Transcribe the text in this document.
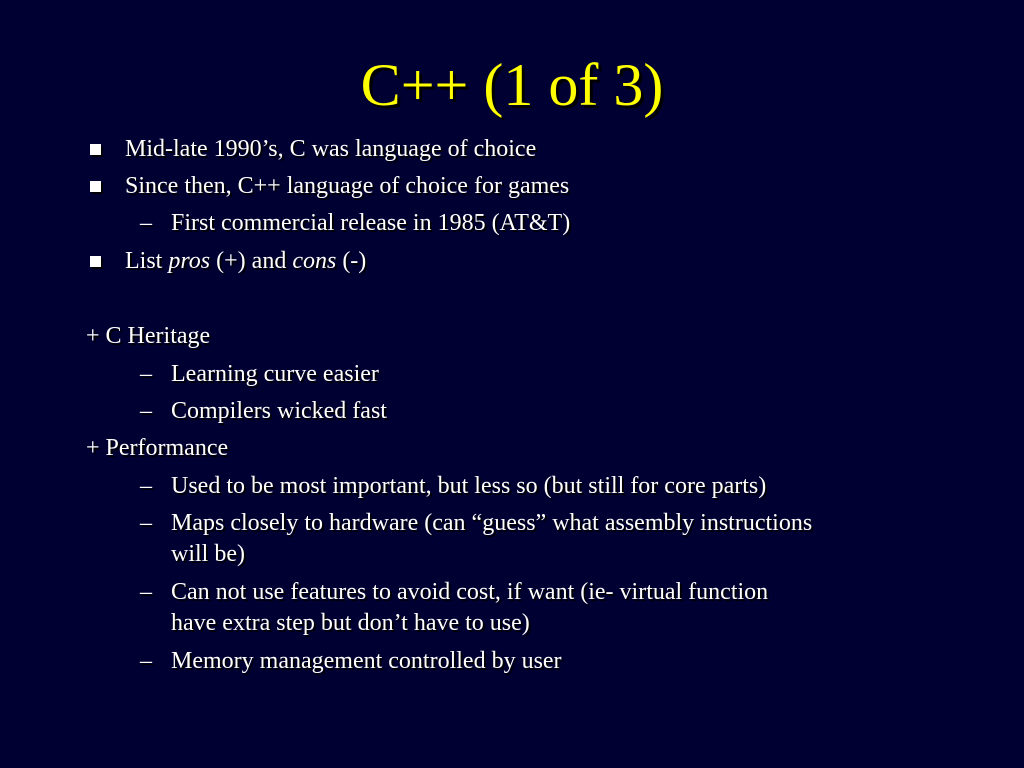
C++ (1 of 3)
Mid-late 1990’s, C was language of choice
Since then, C++ language of choice for games
– First commercial release in 1985 (AT&T)
List pros (+) and cons (-)
+ C Heritage
– Learning curve easier
– Compilers wicked fast
+ Performance
– Used to be most important, but less so (but still for core parts)
– Maps closely to hardware (can “guess” what assembly instructions
will be)
– Can not use features to avoid cost, if want (ie- virtual function
have extra step but don’t have to use)
– Memory management controlled by user
